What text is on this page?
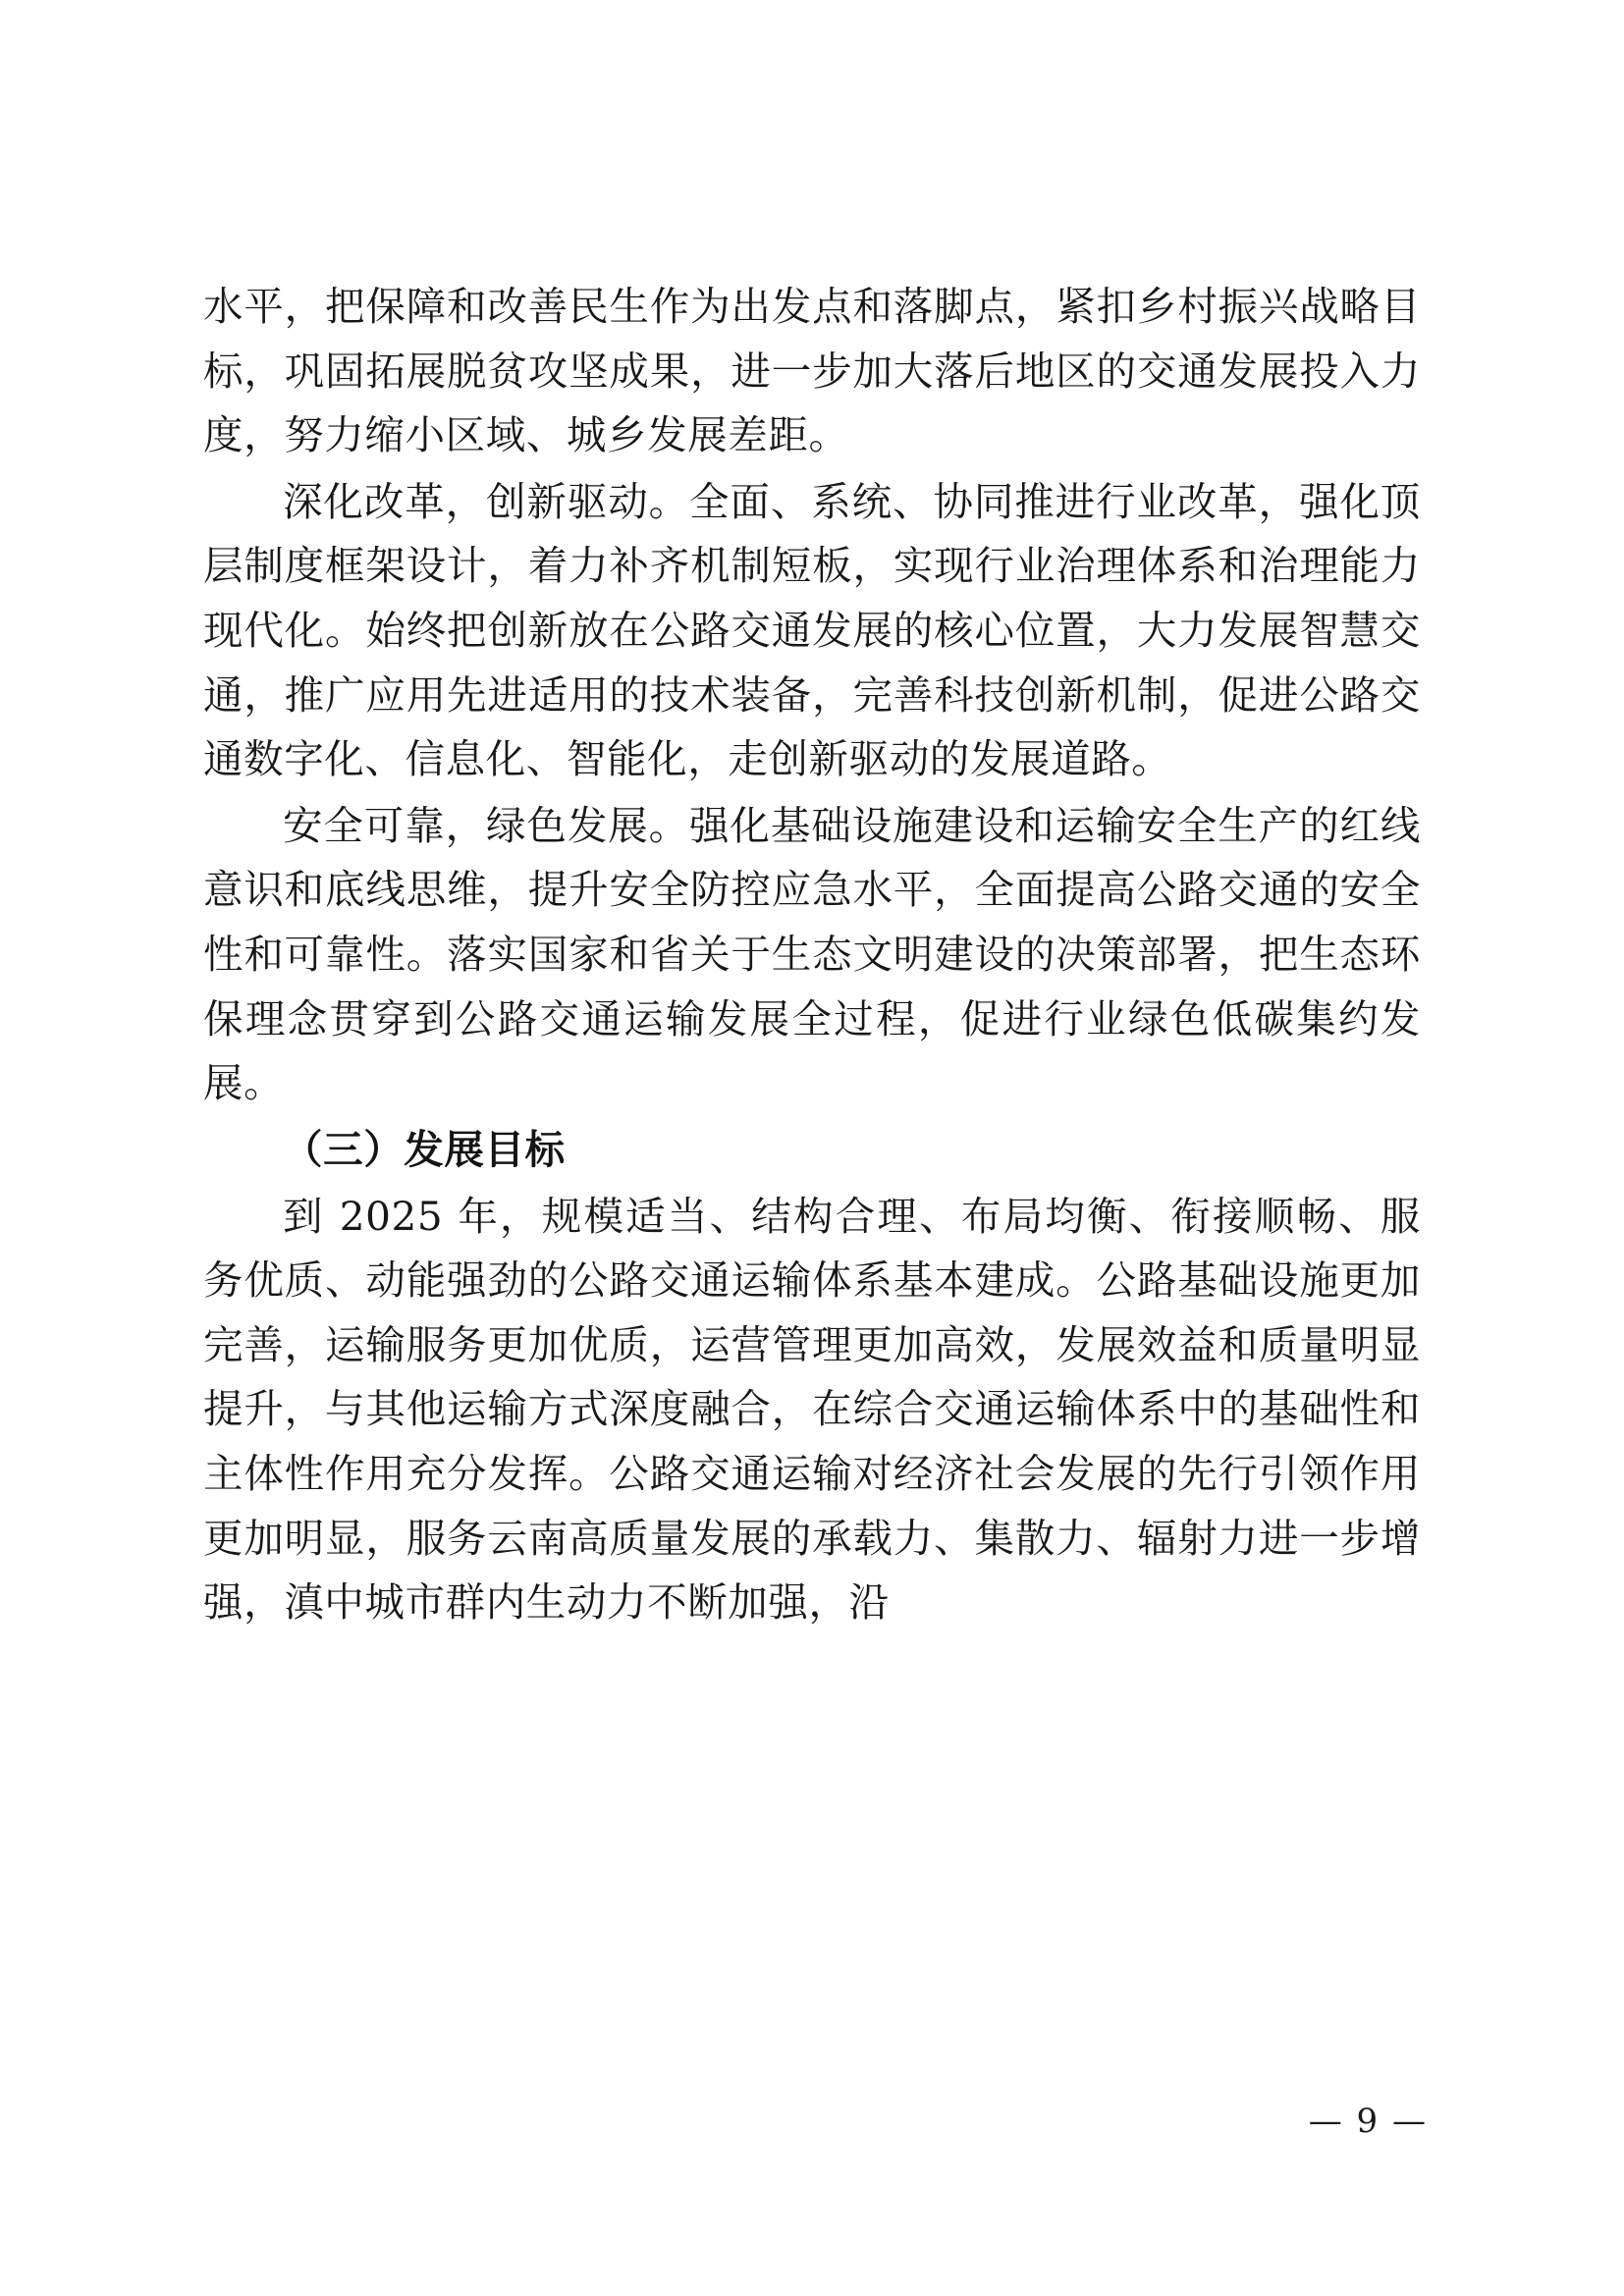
水平，把保障和改善民生作为出发点和落脚点，紧扣乡村振兴战略目标，巩固拓展脱贫攻坚成果，进一步加大落后地区的交通发展投入力度，努力缩小区域、城乡发展差距。

深化改革，创新驱动。全面、系统、协同推进行业改革，强化顶层制度框架设计，着力补齐机制短板，实现行业治理体系和治理能力现代化。始终把创新放在公路交通发展的核心位置，大力发展智慧交通，推广应用先进适用的技术装备，完善科技创新机制，促进公路交通数字化、信息化、智能化，走创新驱动的发展道路。

安全可靠，绿色发展。强化基础设施建设和运输安全生产的红线意识和底线思维，提升安全防控应急水平，全面提高公路交通的安全性和可靠性。落实国家和省关于生态文明建设的决策部署，把生态环保理念贯穿到公路交通运输发展全过程，促进行业绿色低碳集约发展。

（三）发展目标

到 2025 年，规模适当、结构合理、布局均衡、衔接顺畅、服务优质、动能强劲的公路交通运输体系基本建成。公路基础设施更加完善，运输服务更加优质，运营管理更加高效，发展效益和质量明显提升，与其他运输方式深度融合，在综合交通运输体系中的基础性和主体性作用充分发挥。公路交通运输对经济社会发展的先行引领作用更加明显，服务云南高质量发展的承载力、集散力、辐射力进一步增强，滇中城市群内生动力不断加强，沿

— 9 —
